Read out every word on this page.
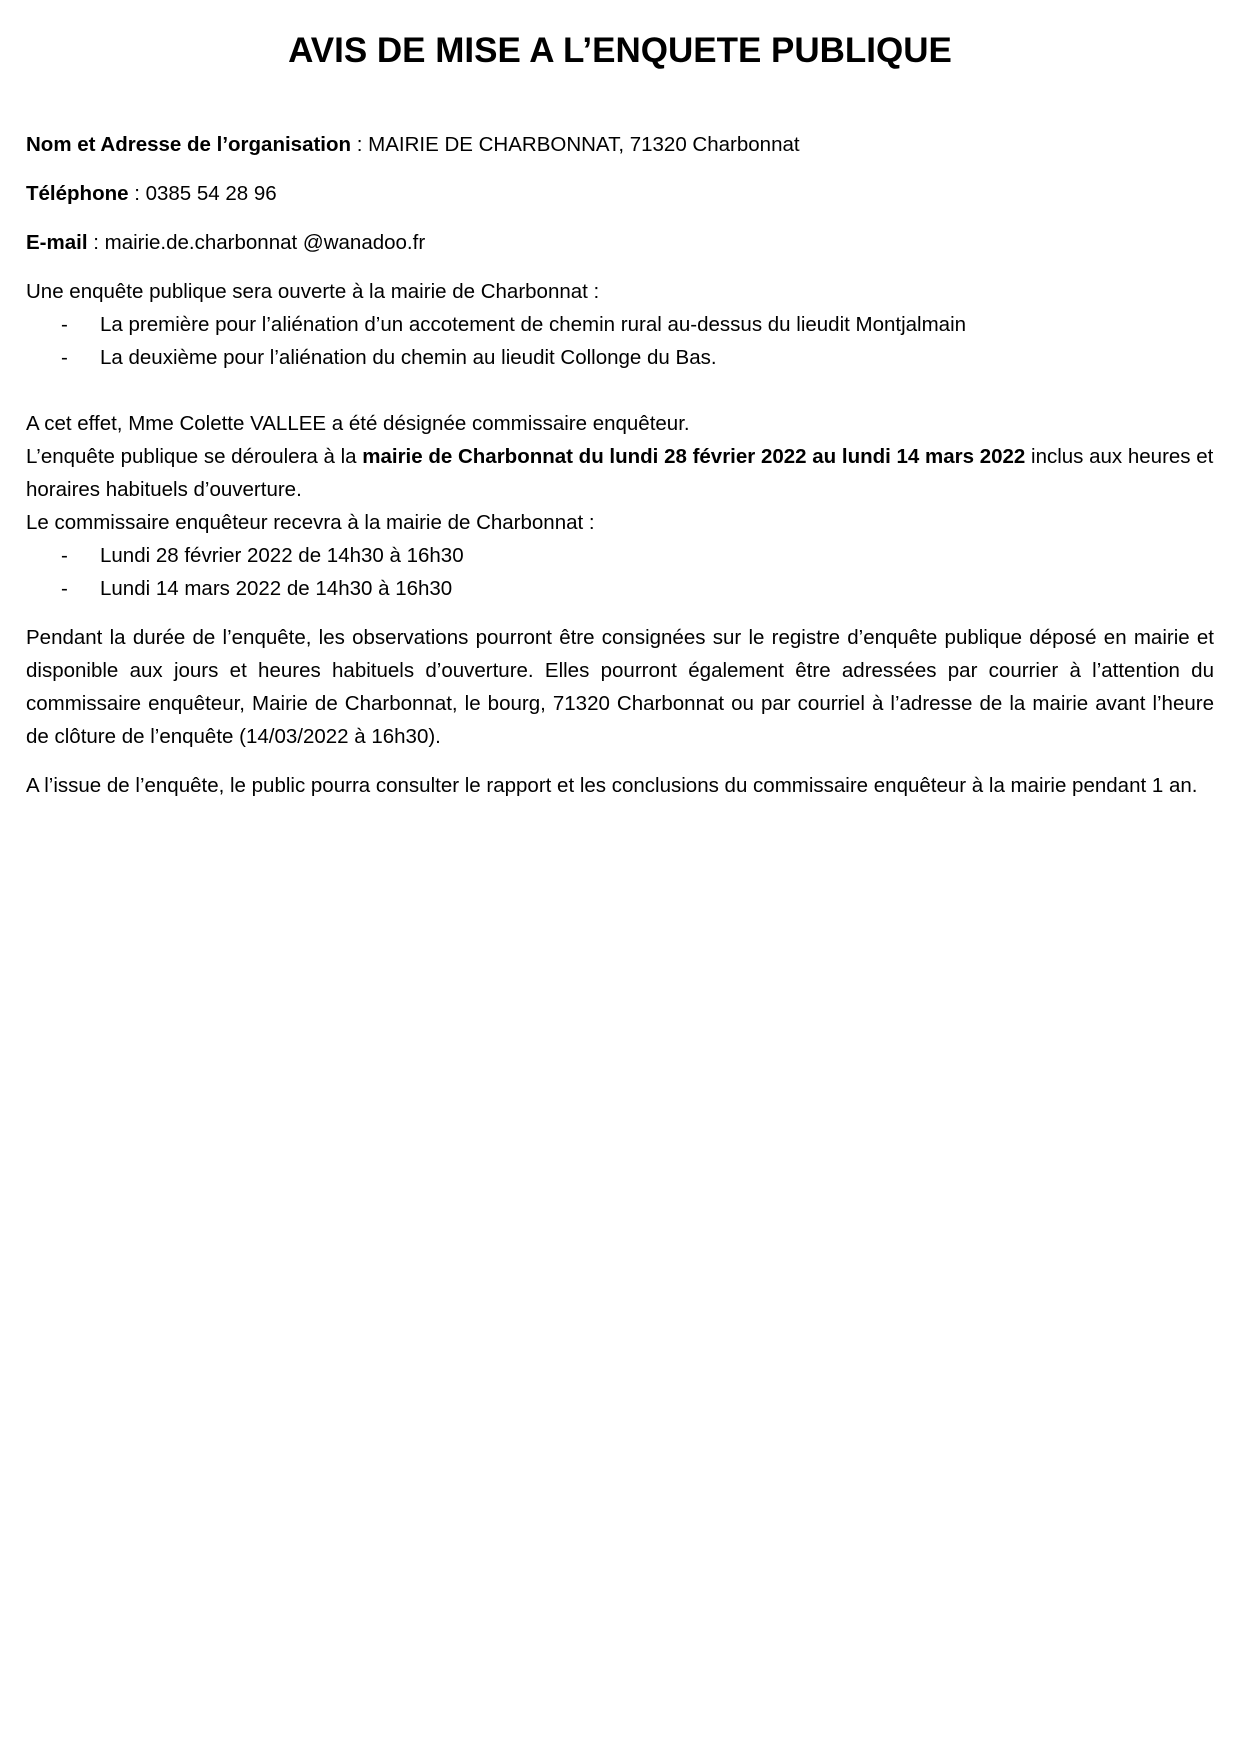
AVIS DE MISE A L’ENQUETE PUBLIQUE

Nom et Adresse de l’organisation : MAIRIE DE CHARBONNAT, 71320 Charbonnat

Téléphone : 0385 54 28 96

E-mail : mairie.de.charbonnat @wanadoo.fr

Une enquête publique sera ouverte à la mairie de Charbonnat :

- La première pour l’aliénation d’un accotement de chemin rural au-dessus du lieudit Montjalmain
- La deuxième pour l’aliénation du chemin au lieudit Collonge du Bas.

A cet effet, Mme Colette VALLEE a été désignée commissaire enquêteur.

L’enquête publique se déroulera à la mairie de Charbonnat du lundi 28 février 2022 au lundi 14 mars 2022 inclus aux heures et horaires habituels d’ouverture.

Le commissaire enquêteur recevra à la mairie de Charbonnat :

- Lundi 28 février 2022 de 14h30 à 16h30
- Lundi 14 mars 2022 de 14h30 à 16h30

Pendant la durée de l’enquête, les observations pourront être consignées sur le registre d’enquête publique déposé en mairie et disponible aux jours et heures habituels d’ouverture. Elles pourront également être adressées par courrier à l’attention du commissaire enquêteur, Mairie de Charbonnat, le bourg, 71320 Charbonnat ou par courriel à l’adresse de la mairie avant l’heure de clôture de l’enquête (14/03/2022 à 16h30).

A l’issue de l’enquête, le public pourra consulter le rapport et les conclusions du commissaire enquêteur à la mairie pendant 1 an.
